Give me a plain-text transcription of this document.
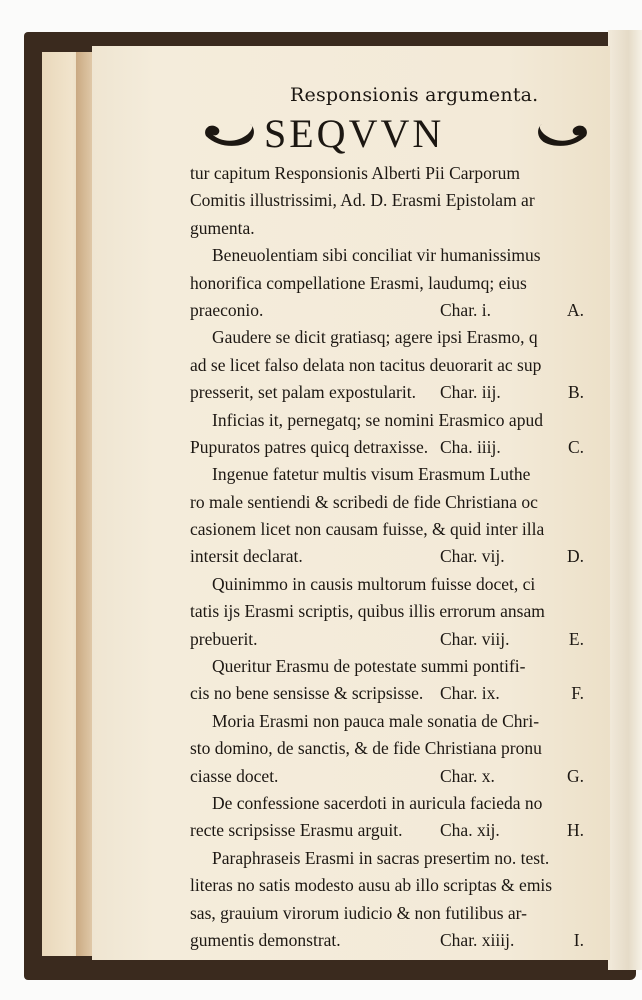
Responsionis argumenta.
SEQVVN
tur capitum Responsionis Alberti Pii Carporum
Comitis illustrissimi, Ad. D. Erasmi Epistolam ar
gumenta.
Beneuolentiam sibi conciliat vir humanissimus
honorifica compellatione Erasmi, laudumq; eius
praeconio.	Char. i.	A.
Gaudere se dicit gratiasq; agere ipsi Erasmo, q
ad se licet falso delata non tacitus deuorarit ac sup
presserit, set palam expostularit. Char. iij.	B.
Inficias it, pernegatq; se nomini Erasmico apud
Pupuratos patres quicq detraxisse. Cha. iiij.	C.
Ingenue fatetur multis visum Erasmum Luthe
ro male sentiendi & scribedi de fide Christiana oc
casionem licet non causam fuisse, & quid inter illa
intersit declarat.	Char. vij.	D.
Quinimmo in causis multorum fuisse docet, ci
tatis ijs Erasmi scriptis, quibus illis errorum ansam
prebuerit.	Char. viij.	E.
Queritur Erasmu de potestate summi pontifi-
cis no bene sensisse & scripsisse. Char. ix.	F.
Moria Erasmi non pauca male sonatia de Chri-
sto domino, de sanctis, & de fide Christiana pronu
ciasse docet.	Char. x.	G.
De confessione sacerdoti in auricula facieda no
recte scripsisse Erasmu arguit. Cha. xij.	H.
Paraphraseis Erasmi in sacras presertim no. test.
literas no satis modesto ausu ab illo scriptas & emis
sas, grauium virorum iudicio & non futilibus ar-
gumentis demonstrat.	Char. xiiij.	I.
